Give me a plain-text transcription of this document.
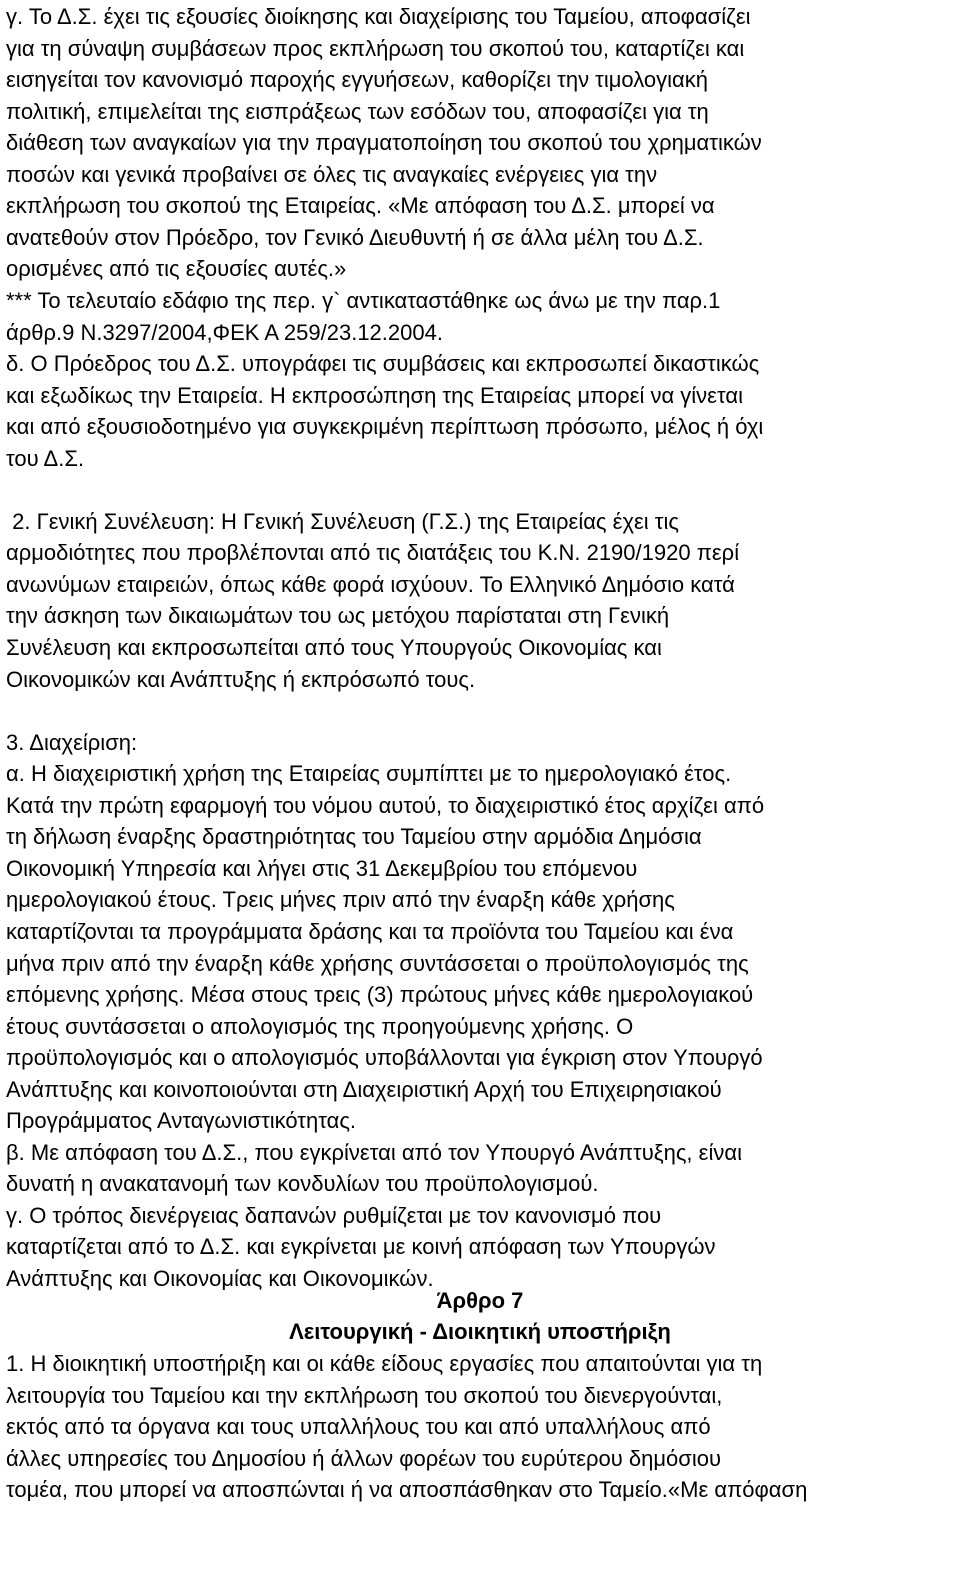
γ. Το Δ.Σ. έχει τις εξουσίες διοίκησης και διαχείρισης του Ταμείου, αποφασίζει
για τη σύναψη συμβάσεων προς εκπλήρωση του σκοπού του, καταρτίζει και
εισηγείται τον κανονισμό παροχής εγγυήσεων, καθορίζει την τιμολογιακή
πολιτική, επιμελείται της εισπράξεως των εσόδων του, αποφασίζει για τη
διάθεση των αναγκαίων για την πραγματοποίηση του σκοπού του χρηματικών
ποσών και γενικά προβαίνει σε όλες τις αναγκαίες ενέργειες για την
εκπλήρωση του σκοπού της Εταιρείας. «Με απόφαση του Δ.Σ. μπορεί να
ανατεθούν στον Πρόεδρο, τον Γενικό Διευθυντή ή σε άλλα μέλη του Δ.Σ.
ορισμένες από τις εξουσίες αυτές.»
*** Το τελευταίο εδάφιο της περ. γ` αντικαταστάθηκε ως άνω με την παρ.1
άρθρ.9 Ν.3297/2004,ΦΕΚ Α 259/23.12.2004.
δ. Ο Πρόεδρος του Δ.Σ. υπογράφει τις συμβάσεις και εκπροσωπεί δικαστικώς
και εξωδίκως την Εταιρεία. Η εκπροσώπηση της Εταιρείας μπορεί να γίνεται
και από εξουσιοδοτημένο για συγκεκριμένη περίπτωση πρόσωπο, μέλος ή όχι
του Δ.Σ.
2. Γενική Συνέλευση: Η Γενική Συνέλευση (Γ.Σ.) της Εταιρείας έχει τις
αρμοδιότητες που προβλέπονται από τις διατάξεις του Κ.Ν. 2190/1920 περί
ανωνύμων εταιρειών, όπως κάθε φορά ισχύουν. Το Ελληνικό Δημόσιο κατά
την άσκηση των δικαιωμάτων του ως μετόχου παρίσταται στη Γενική
Συνέλευση και εκπροσωπείται από τους Υπουργούς Οικονομίας και
Οικονομικών και Ανάπτυξης ή εκπρόσωπό τους.
3. Διαχείριση:
α. Η διαχειριστική χρήση της Εταιρείας συμπίπτει με το ημερολογιακό έτος.
Κατά την πρώτη εφαρμογή του νόμου αυτού, το διαχειριστικό έτος αρχίζει από
τη δήλωση έναρξης δραστηριότητας του Ταμείου στην αρμόδια Δημόσια
Οικονομική Υπηρεσία και λήγει στις 31 Δεκεμβρίου του επόμενου
ημερολογιακού έτους. Τρεις μήνες πριν από την έναρξη κάθε χρήσης
καταρτίζονται τα προγράμματα δράσης και τα προϊόντα του Ταμείου και ένα
μήνα πριν από την έναρξη κάθε χρήσης συντάσσεται ο προϋπολογισμός της
επόμενης χρήσης. Μέσα στους τρεις (3) πρώτους μήνες κάθε ημερολογιακού
έτους συντάσσεται ο απολογισμός της προηγούμενης χρήσης. Ο
προϋπολογισμός και ο απολογισμός υποβάλλονται για έγκριση στον Υπουργό
Ανάπτυξης και κοινοποιούνται στη Διαχειριστική Αρχή του Επιχειρησιακού
Προγράμματος Ανταγωνιστικότητας.
β. Με απόφαση του Δ.Σ., που εγκρίνεται από τον Υπουργό Ανάπτυξης, είναι
δυνατή η ανακατανομή των κονδυλίων του προϋπολογισμού.
γ. Ο τρόπος διενέργειας δαπανών ρυθμίζεται με τον κανονισμό που
καταρτίζεται από το Δ.Σ. και εγκρίνεται με κοινή απόφαση των Υπουργών
Ανάπτυξης και Οικονομίας και Οικονομικών.
Άρθρο 7
Λειτουργική - Διοικητική υποστήριξη
1. Η διοικητική υποστήριξη και οι κάθε είδους εργασίες που απαιτούνται για τη
λειτουργία του Ταμείου και την εκπλήρωση του σκοπού του διενεργούνται,
εκτός από τα όργανα και τους υπαλλήλους του και από υπαλλήλους από
άλλες υπηρεσίες του Δημοσίου ή άλλων φορέων του ευρύτερου δημόσιου
τομέα, που μπορεί να αποσπώνται ή να αποσπάσθηκαν στο Ταμείο.«Με απόφαση
